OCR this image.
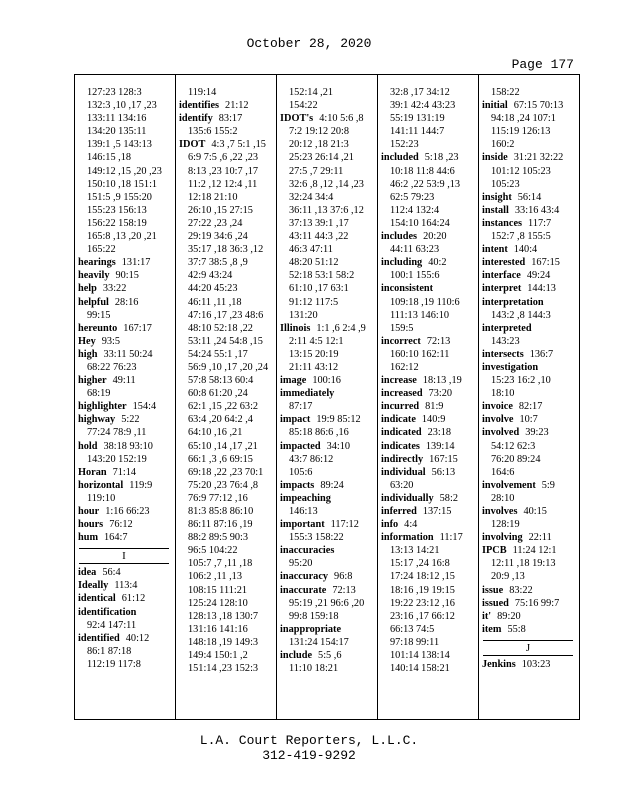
October 28, 2020
Page 177
127:23 128:3
132:3 ,10 ,17 ,23
133:11 134:16
134:20 135:11
139:1 ,5 143:13
146:15 ,18
149:12 ,15 ,20 ,23
150:10 ,18 151:1
151:5 ,9 155:20
155:23 156:13
156:22 158:19
165:8 ,13 ,20 ,21
165:22
hearings 131:17
heavily 90:15
help 33:22
helpful 28:16
99:15
hereunto 167:17
Hey 93:5
high 33:11 50:24
68:22 76:23
higher 49:11
68:19
highlighter 154:4
highway 5:22
77:24 78:9 ,11
hold 38:18 93:10
143:20 152:19
Horan 71:14
horizontal 119:9
119:10
hour 1:16 66:23
hours 76:12
hum 164:7
I
idea 56:4
Ideally 113:4
identical 61:12
identification
92:4 147:11
identified 40:12
86:1 87:18
112:19 117:8
119:14
identifies 21:12
identify 83:17
135:6 155:2
IDOT 4:3 ,7 5:1 ,15
6:9 7:5 ,6 ,22 ,23
8:13 ,23 10:7 ,17
11:2 ,12 12:4 ,11
12:18 21:10
26:10 ,15 27:15
27:22 ,23 ,24
29:19 34:6 ,24
35:17 ,18 36:3 ,12
37:7 38:5 ,8 ,9
42:9 43:24
44:20 45:23
46:11 ,11 ,18
47:16 ,17 ,23 48:6
48:10 52:18 ,22
53:11 ,24 54:8 ,15
54:24 55:1 ,17
56:9 ,10 ,17 ,20 ,24
57:8 58:13 60:4
60:8 61:20 ,24
62:1 ,15 ,22 63:2
63:4 ,20 64:2 ,4
64:10 ,16 ,21
65:10 ,14 ,17 ,21
66:1 ,3 ,6 69:15
69:18 ,22 ,23 70:1
75:20 ,23 76:4 ,8
76:9 77:12 ,16
81:3 85:8 86:10
86:11 87:16 ,19
88:2 89:5 90:3
96:5 104:22
105:7 ,7 ,11 ,18
106:2 ,11 ,13
108:15 111:21
125:24 128:10
128:13 ,18 130:7
131:16 141:16
148:18 ,19 149:3
149:4 150:1 ,2
151:14 ,23 152:3
152:14 ,21
154:22
IDOT's 4:10 5:6 ,8
7:2 19:12 20:8
20:12 ,18 21:3
25:23 26:14 ,21
27:5 ,7 29:11
32:6 ,8 ,12 ,14 ,23
32:24 34:4
36:11 ,13 37:6 ,12
37:13 39:1 ,17
43:11 44:3 ,22
46:3 47:11
48:20 51:12
52:18 53:1 58:2
61:10 ,17 63:1
91:12 117:5
131:20
Illinois 1:1 ,6 2:4 ,9
2:11 4:5 12:1
13:15 20:19
21:11 43:12
image 100:16
immediately
87:17
impact 19:9 85:12
85:18 86:6 ,16
impacted 34:10
43:7 86:12
105:6
impacts 89:24
impeaching
146:13
important 117:12
155:3 158:22
inaccuracies
95:20
inaccuracy 96:8
inaccurate 72:13
95:19 ,21 96:6 ,20
99:8 159:18
inappropriate
131:24 154:17
include 5:5 ,6
11:10 18:21
32:8 ,17 34:12
39:1 42:4 43:23
55:19 131:19
141:11 144:7
152:23
included 5:18 ,23
10:18 11:8 44:6
46:2 ,22 53:9 ,13
62:5 79:23
112:4 132:4
154:10 164:24
includes 20:20
44:11 63:23
including 40:2
100:1 155:6
inconsistent
109:18 ,19 110:6
111:13 146:10
159:5
incorrect 72:13
160:10 162:11
162:12
increase 18:13 ,19
increased 73:20
incurred 81:9
indicate 140:9
indicated 23:18
indicates 139:14
indirectly 167:15
individual 56:13
63:20
individually 58:2
inferred 137:15
info 4:4
information 11:17
13:13 14:21
15:17 ,24 16:8
17:24 18:12 ,15
18:16 ,19 19:15
19:22 23:12 ,16
23:16 ,17 66:12
66:13 74:5
97:18 99:11
101:14 138:14
140:14 158:21
158:22
initial 67:15 70:13
94:18 ,24 107:1
115:19 126:13
160:2
inside 31:21 32:22
101:12 105:23
105:23
insight 56:14
install 33:16 43:4
instances 117:7
152:7 ,8 155:5
intent 140:4
interested 167:15
interface 49:24
interpret 144:13
interpretation
143:2 ,8 144:3
interpreted
143:23
intersects 136:7
investigation
15:23 16:2 ,10
18:10
invoice 82:17
involve 10:7
involved 39:23
54:12 62:3
76:20 89:24
164:6
involvement 5:9
28:10
involves 40:15
128:19
involving 22:11
IPCB 11:24 12:1
12:11 ,18 19:13
20:9 ,13
issue 83:22
issued 75:16 99:7
it' 89:20
item 55:8
J
Jenkins 103:23
L.A. Court Reporters, L.L.C.
312-419-9292
